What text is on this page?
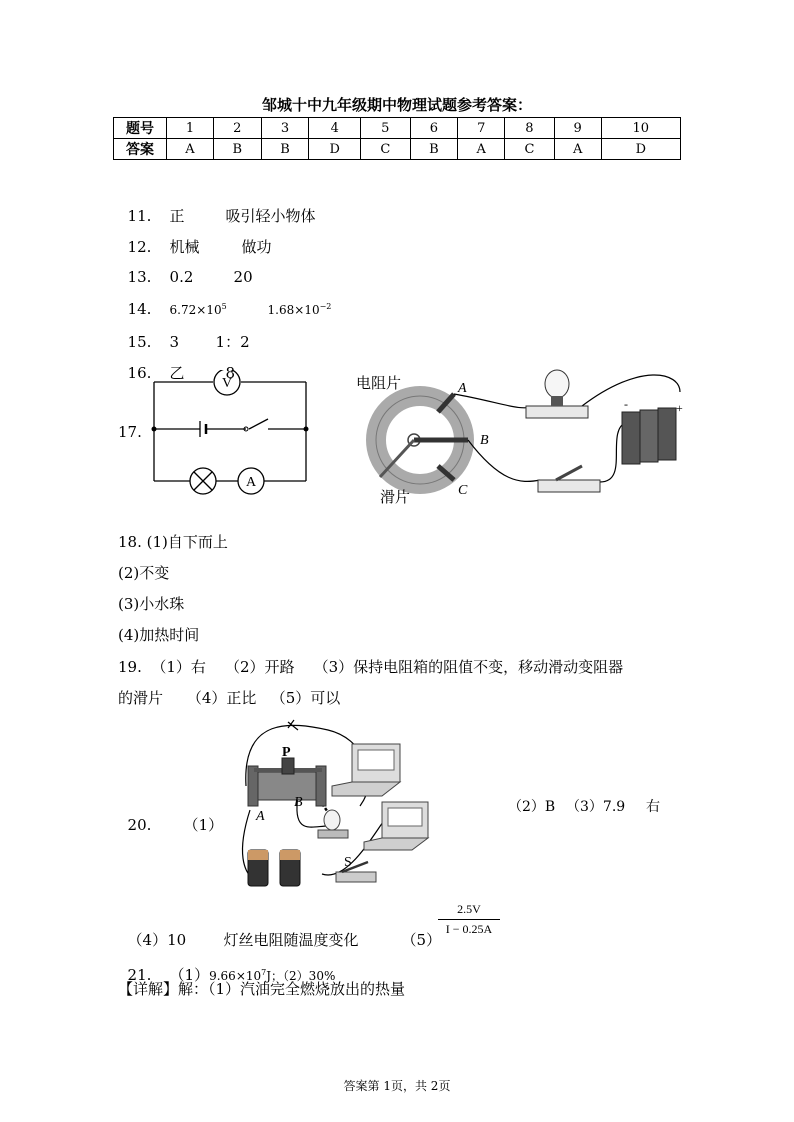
邹城十中九年级期中物理试题参考答案：
题号	1	2	3	4	5	6	7	8	9	10
答案	A	B	B	D	C	B	A	C	A	D

11. 正	吸引轻小物体

12. 机械	做功

13. 0.2	20

14. $6.72\times 10^5$	$1.68\times 10^{-2}$

15. 3 1：2

16. 乙	8

17.
V
A
电阻片
滑片
A
B
C
-	+
18. (1)自下而上
(2)不变
(3)小水珠
(4)加热时间
19.  （1）右    （2）开路    （3）保持电阻箱的阻值不变，移动滑动变阻器
的滑片     （4）正比   （5）可以

20. （1）

P
A
B
S
（2）B （3）7.9 右

（4）10 灯丝电阻随温度变化	（5）

2.5V
I − 0.25A

21. $(1)9.66\times 10^7J$；（2）30%

【详解】解：（1）汽油完全燃烧放出的热量
答案第 1页，共 2页
